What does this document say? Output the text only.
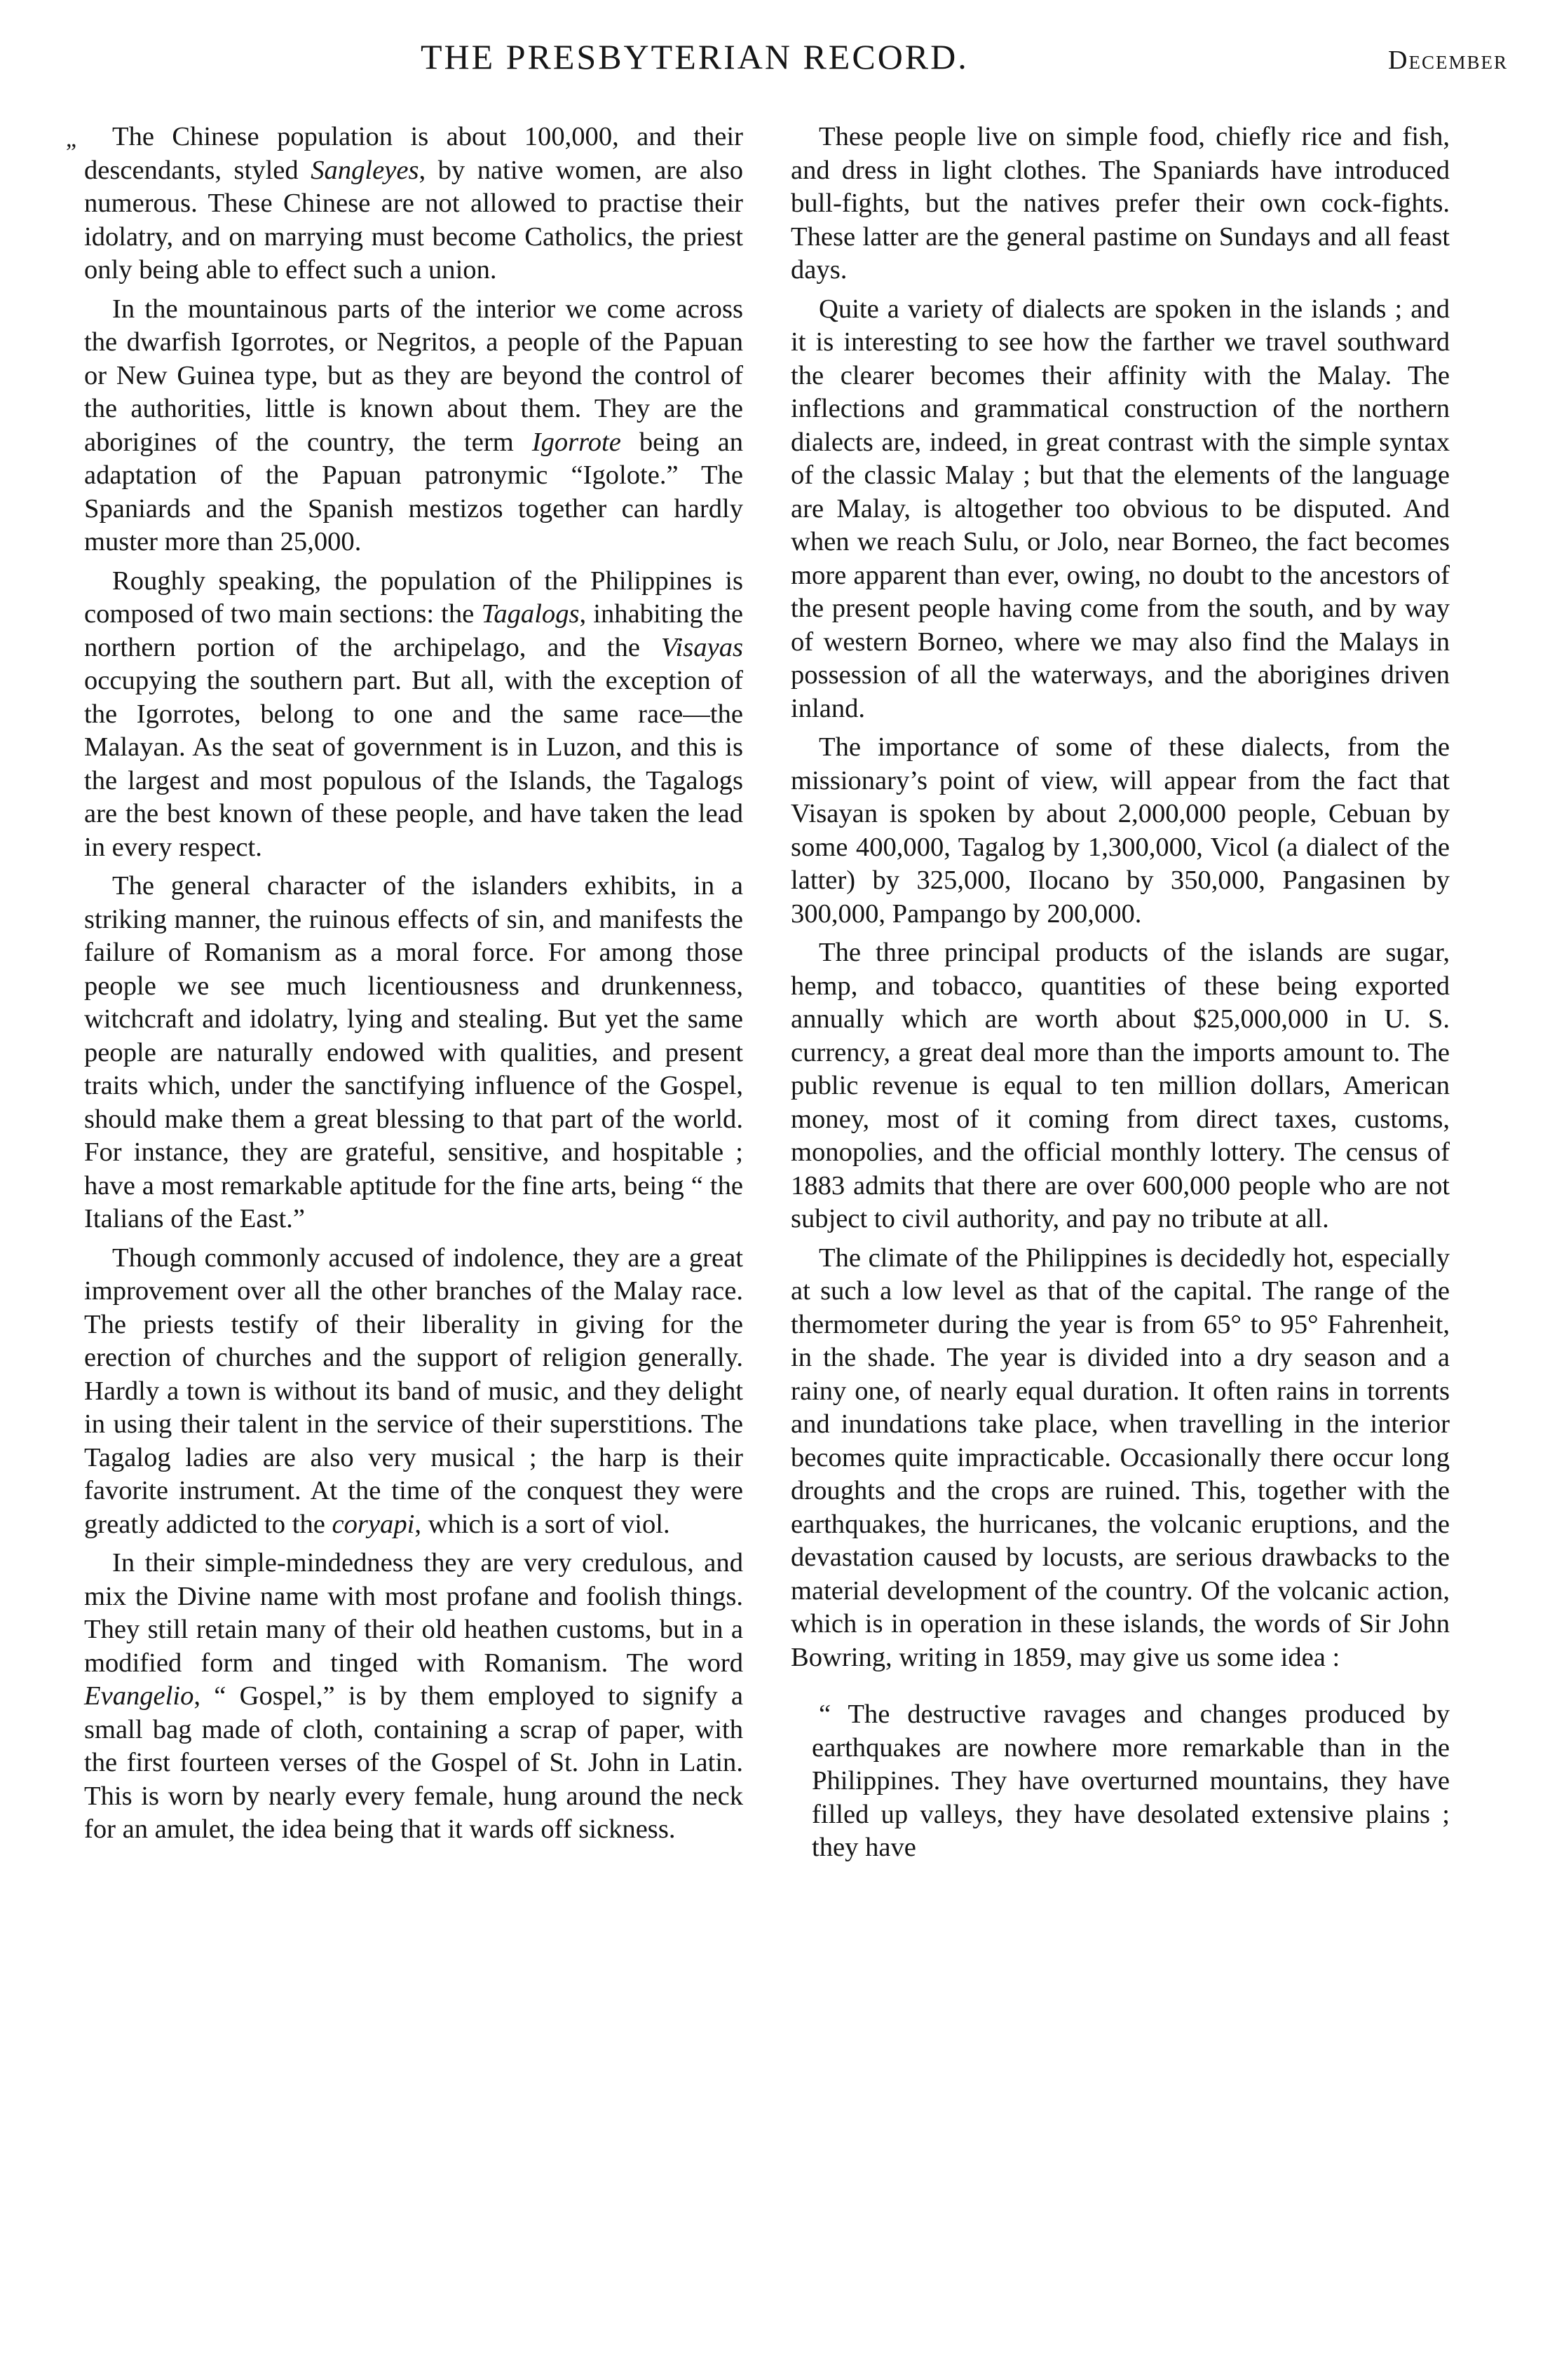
THE PRESBYTERIAN RECORD.	December
„	The Chinese population is about 100,000, and their descendants, styled Sangleyes, by native women, are also numerous. These Chinese are not allowed to practise their idolatry, and on marrying must become Catholics, the priest only being able to effect such a union.

In the mountainous parts of the interior we come across the dwarfish Igorrotes, or Negritos, a people of the Papuan or New Guinea type, but as they are beyond the control of the authorities, little is known about them. They are the aborigines of the country, the term Igorrote being an adaptation of the Papuan patronymic “Igolote.” The Spaniards and the Spanish mestizos together can hardly muster more than 25,000.

Roughly speaking, the population of the Philippines is composed of two main sections: the Tagalogs, inhabiting the northern portion of the archipelago, and the Visayas occupying the southern part. But all, with the exception of the Igorrotes, belong to one and the same race—the Malayan. As the seat of government is in Luzon, and this is the largest and most populous of the Islands, the Tagalogs are the best known of these people, and have taken the lead in every respect.

The general character of the islanders exhibits, in a striking manner, the ruinous effects of sin, and manifests the failure of Romanism as a moral force. For among those people we see much licentiousness and drunkenness, witchcraft and idolatry, lying and stealing. But yet the same people are naturally endowed with qualities, and present traits which, under the sanctifying influence of the Gospel, should make them a great blessing to that part of the world. For instance, they are grateful, sensitive, and hospitable ; have a most remarkable aptitude for the fine arts, being “ the Italians of the East.”

Though commonly accused of indolence, they are a great improvement over all the other branches of the Malay race. The priests testify of their liberality in giving for the erection of churches and the support of religion generally. Hardly a town is without its band of music, and they delight in using their talent in the service of their superstitions. The Tagalog ladies are also very musical ; the harp is their favorite instrument. At the time of the conquest they were greatly addicted to the coryapi, which is a sort of viol.

In their simple-mindedness they are very credulous, and mix the Divine name with most profane and foolish things. They still retain many of their old heathen customs, but in a modified form and tinged with Romanism. The word Evangelio, “ Gospel,” is by them employed to signify a small bag made of cloth, containing a scrap of paper, with the first fourteen verses of the Gospel of St. John in Latin. This is worn by nearly every female, hung around the neck for an amulet, the idea being that it wards off sickness.

These people live on simple food, chiefly rice and fish, and dress in light clothes. The Spaniards have introduced bull-fights, but the natives prefer their own cock-fights. These latter are the general pastime on Sundays and all feast days.

Quite a variety of dialects are spoken in the islands ; and it is interesting to see how the farther we travel southward the clearer becomes their affinity with the Malay. The inflections and grammatical construction of the northern dialects are, indeed, in great contrast with the simple syntax of the classic Malay ; but that the elements of the language are Malay, is altogether too obvious to be disputed. And when we reach Sulu, or Jolo, near Borneo, the fact becomes more apparent than ever, owing, no doubt to the ancestors of the present people having come from the south, and by way of western Borneo, where we may also find the Malays in possession of all the waterways, and the aborigines driven inland.

The importance of some of these dialects, from the missionary’s point of view, will appear from the fact that Visayan is spoken by about 2,000,000 people, Cebuan by some 400,000, Tagalog by 1,300,000, Vicol (a dialect of the latter) by 325,000, Ilocano by 350,000, Pangasinen by 300,000, Pampango by 200,000.

The three principal products of the islands are sugar, hemp, and tobacco, quantities of these being exported annually which are worth about $25,000,000 in U. S. currency, a great deal more than the imports amount to. The public revenue is equal to ten million dollars, American money, most of it coming from direct taxes, customs, monopolies, and the official monthly lottery. The census of 1883 admits that there are over 600,000 people who are not subject to civil authority, and pay no tribute at all.

The climate of the Philippines is decidedly hot, especially at such a low level as that of the capital. The range of the thermometer during the year is from 65° to 95° Fahrenheit, in the shade. The year is divided into a dry season and a rainy one, of nearly equal duration. It often rains in torrents and inundations take place, when travelling in the interior becomes quite impracticable. Occasionally there occur long droughts and the crops are ruined. This, together with the earthquakes, the hurricanes, the volcanic eruptions, and the devastation caused by locusts, are serious drawbacks to the material development of the country. Of the volcanic action, which is in operation in these islands, the words of Sir John Bowring, writing in 1859, may give us some idea :

“ The destructive ravages and changes produced by earthquakes are nowhere more remarkable than in the Philippines. They have overturned mountains, they have filled up valleys, they have desolated extensive plains ; they have
